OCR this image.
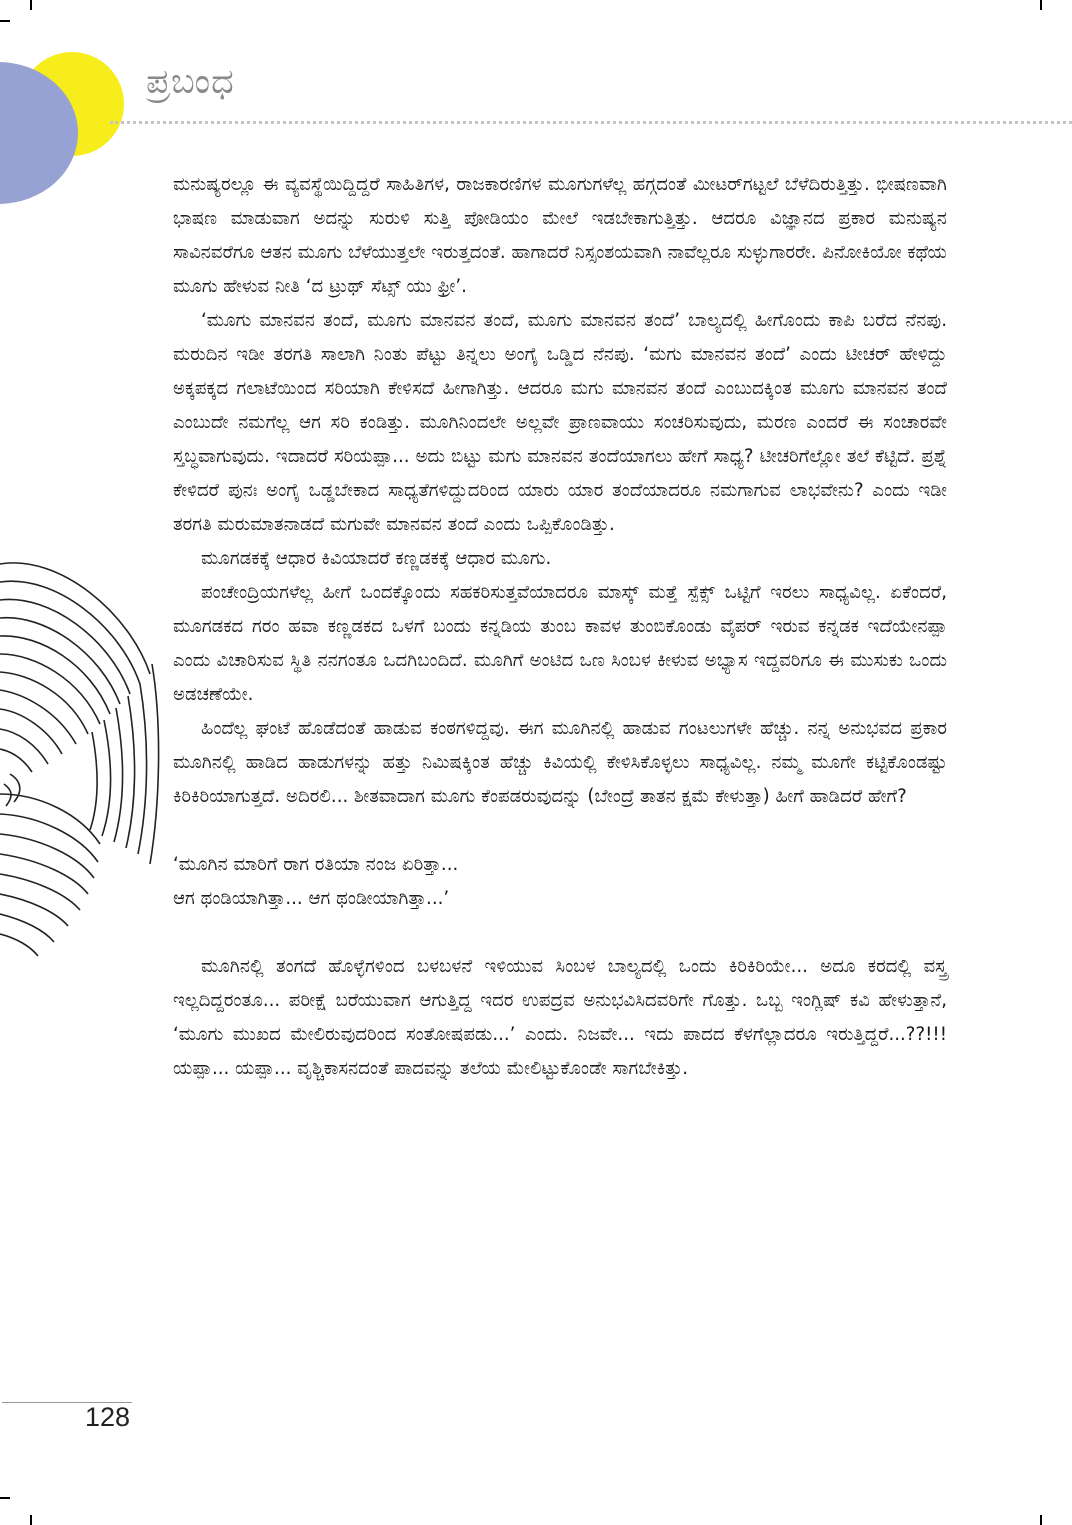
ಪ್ರಬಂಧ

ಮನುಷ್ಯರಲ್ಲೂ ಈ ವ್ಯವಸ್ಥೆಯಿದ್ದಿದ್ದರೆ ಸಾಹಿತಿಗಳ, ರಾಜಕಾರಣಿಗಳ ಮೂಗುಗಳೆಲ್ಲ ಹಗ್ಗದಂತೆ ಮೀಟರ್‌ಗಟ್ಟಲೆ ಬೆಳೆದಿರುತ್ತಿತ್ತು. ಭೀಷಣವಾಗಿ ಭಾಷಣ ಮಾಡುವಾಗ ಅದನ್ನು ಸುರುಳಿ ಸುತ್ತಿ ಪೋಡಿಯಂ ಮೇಲೆ ಇಡಬೇಕಾಗುತ್ತಿತ್ತು. ಆದರೂ ವಿಜ್ಞಾನದ ಪ್ರಕಾರ ಮನುಷ್ಯನ ಸಾವಿನವರೆಗೂ ಆತನ ಮೂಗು ಬೆಳೆಯುತ್ತಲೇ ಇರುತ್ತದಂತೆ. ಹಾಗಾದರೆ ನಿಸ್ಸಂಶಯವಾಗಿ ನಾವೆಲ್ಲರೂ ಸುಳ್ಳುಗಾರರೇ. ಪಿನೋಕಿಯೋ ಕಥೆಯ ಮೂಗು ಹೇಳುವ ನೀತಿ ‘ದ ಟ್ರುಥ್ ಸೆಟ್ಸ್ ಯು ಫ್ರೀ’.

‘ಮೂಗು ಮಾನವನ ತಂದೆ, ಮೂಗು ಮಾನವನ ತಂದೆ, ಮೂಗು ಮಾನವನ ತಂದೆ’ ಬಾಲ್ಯದಲ್ಲಿ ಹೀಗೊಂದು ಕಾಪಿ ಬರೆದ ನೆನಪು. ಮರುದಿನ ಇಡೀ ತರಗತಿ ಸಾಲಾಗಿ ನಿಂತು ಪೆಟ್ಟು ತಿನ್ನಲು ಅಂಗೈ ಒಡ್ಡಿದ ನೆನಪು. ‘ಮಗು ಮಾನವನ ತಂದೆ’ ಎಂದು ಟೀಚರ್ ಹೇಳಿದ್ದು ಅಕ್ಕಪಕ್ಕದ ಗಲಾಟೆಯಿಂದ ಸರಿಯಾಗಿ ಕೇಳಿಸದೆ ಹೀಗಾಗಿತ್ತು. ಆದರೂ ಮಗು ಮಾನವನ ತಂದೆ ಎಂಬುದಕ್ಕಿಂತ ಮೂಗು ಮಾನವನ ತಂದೆ ಎಂಬುದೇ ನಮಗೆಲ್ಲ ಆಗ ಸರಿ ಕಂಡಿತ್ತು. ಮೂಗಿನಿಂದಲೇ ಅಲ್ಲವೇ ಪ್ರಾಣವಾಯು ಸಂಚರಿಸುವುದು, ಮರಣ ಎಂದರೆ ಈ ಸಂಚಾರವೇ ಸ್ತಬ್ಧವಾಗುವುದು. ಇದಾದರೆ ಸರಿಯಪ್ಪಾ... ಅದು ಬಿಟ್ಟು ಮಗು ಮಾನವನ ತಂದೆಯಾಗಲು ಹೇಗೆ ಸಾಧ್ಯ? ಟೀಚರಿಗೆಲ್ಲೋ ತಲೆ ಕೆಟ್ಟಿದೆ. ಪ್ರಶ್ನೆ ಕೇಳಿದರೆ ಪುನಃ ಅಂಗೈ ಒಡ್ಡಬೇಕಾದ ಸಾಧ್ಯತೆಗಳಿದ್ದುದರಿಂದ ಯಾರು ಯಾರ ತಂದೆಯಾದರೂ ನಮಗಾಗುವ ಲಾಭವೇನು? ಎಂದು ಇಡೀ ತರಗತಿ ಮರುಮಾತನಾಡದೆ ಮಗುವೇ ಮಾನವನ ತಂದೆ ಎಂದು ಒಪ್ಪಿಕೊಂಡಿತ್ತು.

ಮೂಗಡಕಕ್ಕೆ ಆಧಾರ ಕಿವಿಯಾದರೆ ಕಣ್ಣಡಕಕ್ಕೆ ಆಧಾರ ಮೂಗು.

ಪಂಚೇಂದ್ರಿಯಗಳೆಲ್ಲ ಹೀಗೆ ಒಂದಕ್ಕೊಂದು ಸಹಕರಿಸುತ್ತವೆಯಾದರೂ ಮಾಸ್ಕ್ ಮತ್ತೆ ಸ್ಪೆಕ್ಸ್ ಒಟ್ಟಿಗೆ ಇರಲು ಸಾಧ್ಯವಿಲ್ಲ. ಏಕೆಂದರೆ, ಮೂಗಡಕದ ಗರಂ ಹವಾ ಕಣ್ಣಡಕದ ಒಳಗೆ ಬಂದು ಕನ್ನಡಿಯ ತುಂಬ ಕಾವಳ ತುಂಬಿಕೊಂಡು ವೈಪರ್ ಇರುವ ಕನ್ನಡಕ ಇದೆಯೇನಪ್ಪಾ ಎಂದು ವಿಚಾರಿಸುವ ಸ್ಥಿತಿ ನನಗಂತೂ ಒದಗಿಬಂದಿದೆ. ಮೂಗಿಗೆ ಅಂಟಿದ ಒಣ ಸಿಂಬಳ ಕೀಳುವ ಅಭ್ಯಾಸ ಇದ್ದವರಿಗೂ ಈ ಮುಸುಕು ಒಂದು ಅಡಚಣೆಯೇ.

ಹಿಂದೆಲ್ಲ ಘಂಟೆ ಹೊಡೆದಂತೆ ಹಾಡುವ ಕಂಠಗಳಿದ್ದವು. ಈಗ ಮೂಗಿನಲ್ಲಿ ಹಾಡುವ ಗಂಟಲುಗಳೇ ಹೆಚ್ಚು. ನನ್ನ ಅನುಭವದ ಪ್ರಕಾರ ಮೂಗಿನಲ್ಲಿ ಹಾಡಿದ ಹಾಡುಗಳನ್ನು ಹತ್ತು ನಿಮಿಷಕ್ಕಿಂತ ಹೆಚ್ಚು ಕಿವಿಯಲ್ಲಿ ಕೇಳಿಸಿಕೊಳ್ಳಲು ಸಾಧ್ಯವಿಲ್ಲ. ನಮ್ಮ ಮೂಗೇ ಕಟ್ಟಿಕೊಂಡಷ್ಟು ಕಿರಿಕಿರಿಯಾಗುತ್ತದೆ. ಅದಿರಲಿ... ಶೀತವಾದಾಗ ಮೂಗು ಕೆಂಪಡರುವುದನ್ನು (ಬೇಂದ್ರೆ ತಾತನ ಕ್ಷಮೆ ಕೇಳುತ್ತಾ) ಹೀಗೆ ಹಾಡಿದರೆ ಹೇಗೆ?

‘ಮೂಗಿನ ಮಾರಿಗೆ ರಾಗ ರತಿಯಾ ನಂಜ ಏರಿತ್ತಾ...
ಆಗ ಥಂಡಿಯಾಗಿತ್ತಾ... ಆಗ ಥಂಡೀಯಾಗಿತ್ತಾ...’

ಮೂಗಿನಲ್ಲಿ ತಂಗದೆ ಹೊಳ್ಳೆಗಳಿಂದ ಬಳಬಳನೆ ಇಳಿಯುವ ಸಿಂಬಳ ಬಾಲ್ಯದಲ್ಲಿ ಒಂದು ಕಿರಿಕಿರಿಯೇ... ಅದೂ ಕರದಲ್ಲಿ ವಸ್ತ್ರ ಇಲ್ಲದಿದ್ದರಂತೂ... ಪರೀಕ್ಷೆ ಬರೆಯುವಾಗ ಆಗುತ್ತಿದ್ದ ಇದರ ಉಪದ್ರವ ಅನುಭವಿಸಿದವರಿಗೇ ಗೊತ್ತು. ಒಬ್ಬ ಇಂಗ್ಲಿಷ್ ಕವಿ ಹೇಳುತ್ತಾನೆ, ‘ಮೂಗು ಮುಖದ ಮೇಲಿರುವುದರಿಂದ ಸಂತೋಷಪಡು...’ ಎಂದು. ನಿಜವೇ... ಇದು ಪಾದದ ಕೆಳಗೆಲ್ಲಾದರೂ ಇರುತ್ತಿದ್ದರೆ...??!!! ಯಪ್ಪಾ... ಯಪ್ಪಾ... ವೃಶ್ಚಿಕಾಸನದಂತೆ ಪಾದವನ್ನು ತಲೆಯ ಮೇಲಿಟ್ಟುಕೊಂಡೇ ಸಾಗಬೇಕಿತ್ತು.

128
